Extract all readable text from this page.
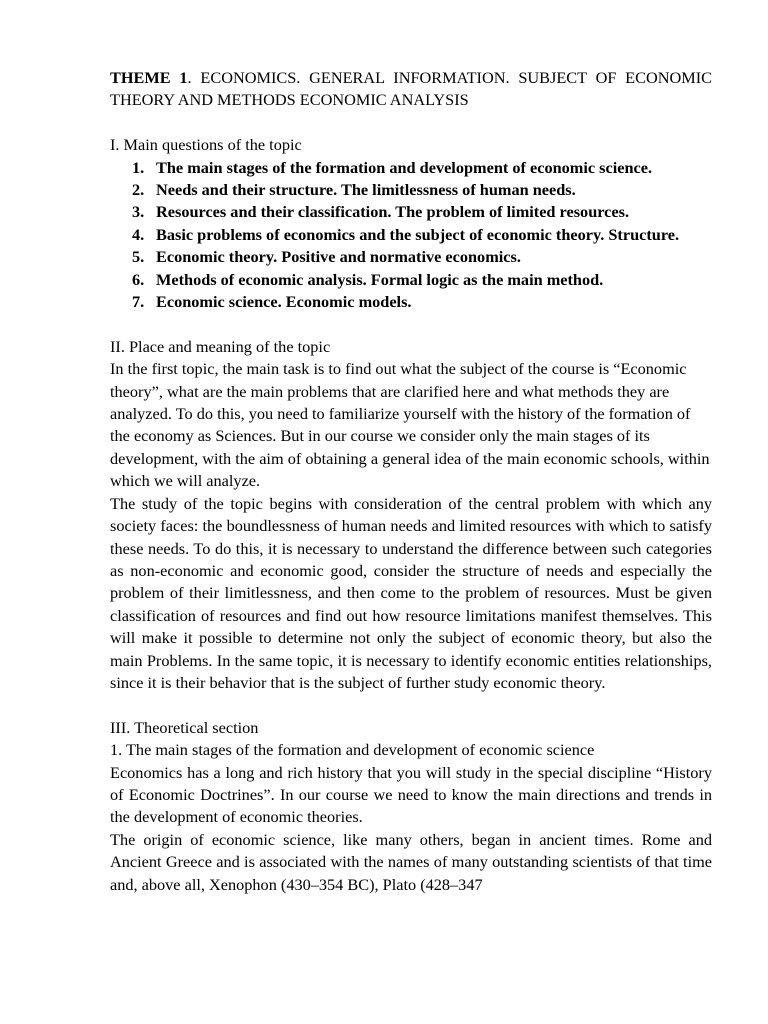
THEME 1. ECONOMICS. GENERAL INFORMATION. SUBJECT OF ECONOMIC THEORY AND METHODS ECONOMIC ANALYSIS

I. Main questions of the topic

1. The main stages of the formation and development of economic science.
2. Needs and their structure. The limitlessness of human needs.
3. Resources and their classification. The problem of limited resources.
4. Basic problems of economics and the subject of economic theory. Structure.
5. Economic theory. Positive and normative economics.
6. Methods of economic analysis. Formal logic as the main method.
7. Economic science. Economic models.

II. Place and meaning of the topic

In the first topic, the main task is to find out what the subject of the course is “Economic theory”, what are the main problems that are clarified here and what methods they are analyzed. To do this, you need to familiarize yourself with the history of the formation of the economy as Sciences. But in our course we consider only the main stages of its development, with the aim of obtaining a general idea of the main economic schools, within which we will analyze.

The study of the topic begins with consideration of the central problem with which any society faces: the boundlessness of human needs and limited resources with which to satisfy these needs. To do this, it is necessary to understand the difference between such categories as non-economic and economic good, consider the structure of needs and especially the problem of their limitlessness, and then come to the problem of resources. Must be given classification of resources and find out how resource limitations manifest themselves. This will make it possible to determine not only the subject of economic theory, but also the main Problems. In the same topic, it is necessary to identify economic entities relationships, since it is their behavior that is the subject of further study economic theory.

III. Theoretical section

1. The main stages of the formation and development of economic science

Economics has a long and rich history that you will study in the special discipline “History of Economic Doctrines”. In our course we need to know the main directions and trends in the development of economic theories.

The origin of economic science, like many others, began in ancient times. Rome and Ancient Greece and is associated with the names of many outstanding scientists of that time and, above all, Xenophon (430–354 BC), Plato (428–347
